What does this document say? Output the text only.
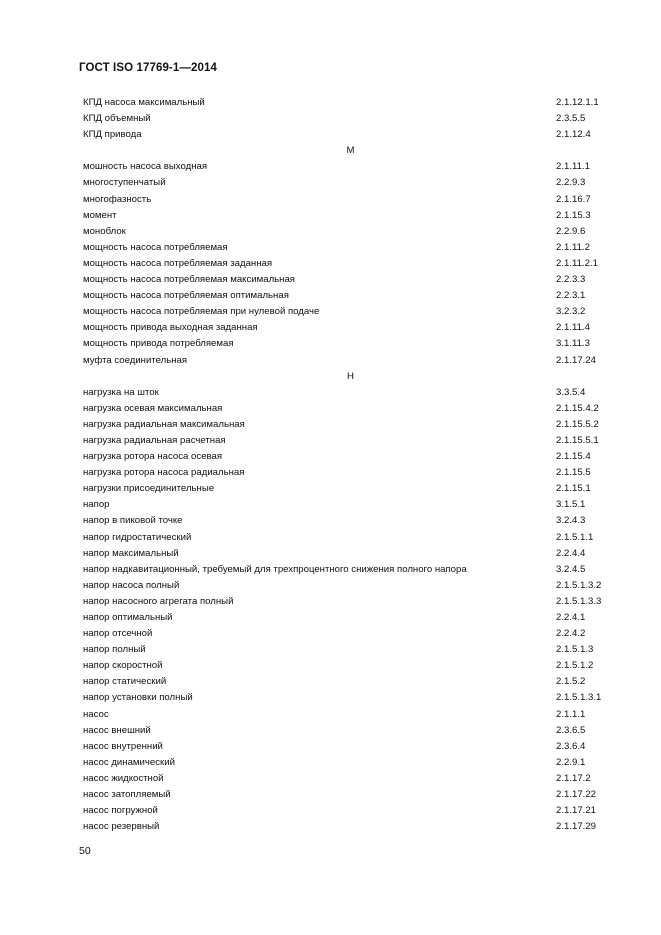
ГОСТ ISO 17769-1—2014
КПД насоса максимальный	2.1.12.1.1
КПД объемный	2.3.5.5
КПД привода	2.1.12.4
М
мошность насоса выходная	2.1.11.1
многоступенчатый	2.2.9.3
многофазность	2.1.16.7
момент	2.1.15.3
моноблок	2.2.9.6
мощность насоса потребляемая	2.1.11.2
мощность насоса потребляемая заданная	2.1.11.2.1
мощность насоса потребляемая максимальная	2.2.3.3
мощность насоса потребляемая оптимальная	2.2.3.1
мощность насоса потребляемая при нулевой подаче	3.2.3.2
мощность привода выходная заданная	2.1.11.4
мощность привода потребляемая	3.1.11.3
муфта соединительная	2.1.17.24
Н
нагрузка на шток	3.3.5.4
нагрузка осевая максимальная	2.1.15.4.2
нагрузка радиальная максимальная	2.1.15.5.2
нагрузка радиальная расчетная	2.1.15.5.1
нагрузка ротора насоса осевая	2.1.15.4
нагрузка ротора насоса радиальная	2.1.15.5
нагрузки присоединительные	2.1.15.1
напор	3.1.5.1
напор в пиковой точке	3.2.4.3
напор гидростатический	2.1.5.1.1
напор максимальный	2.2.4.4
напор надкавитационный, требуемый для трехпроцентного снижения полного напора	3.2.4.5
напор насоса полный	2.1.5.1.3.2
напор насосного агрегата полный	2.1.5.1.3.3
напор оптимальный	2.2.4.1
напор отсечной	2.2.4.2
напор полный	2.1.5.1.3
напор скоростной	2.1.5.1.2
напор статический	2.1.5.2
напор установки полный	2.1.5.1.3.1
насос	2.1.1.1
насос внешний	2.3.6.5
насос внутренний	2.3.6.4
насос динамический	2.2.9.1
насос жидкостной	2.1.17.2
насос затопляемый	2.1.17.22
насос погружной	2.1.17.21
насос резервный	2.1.17.29
50
